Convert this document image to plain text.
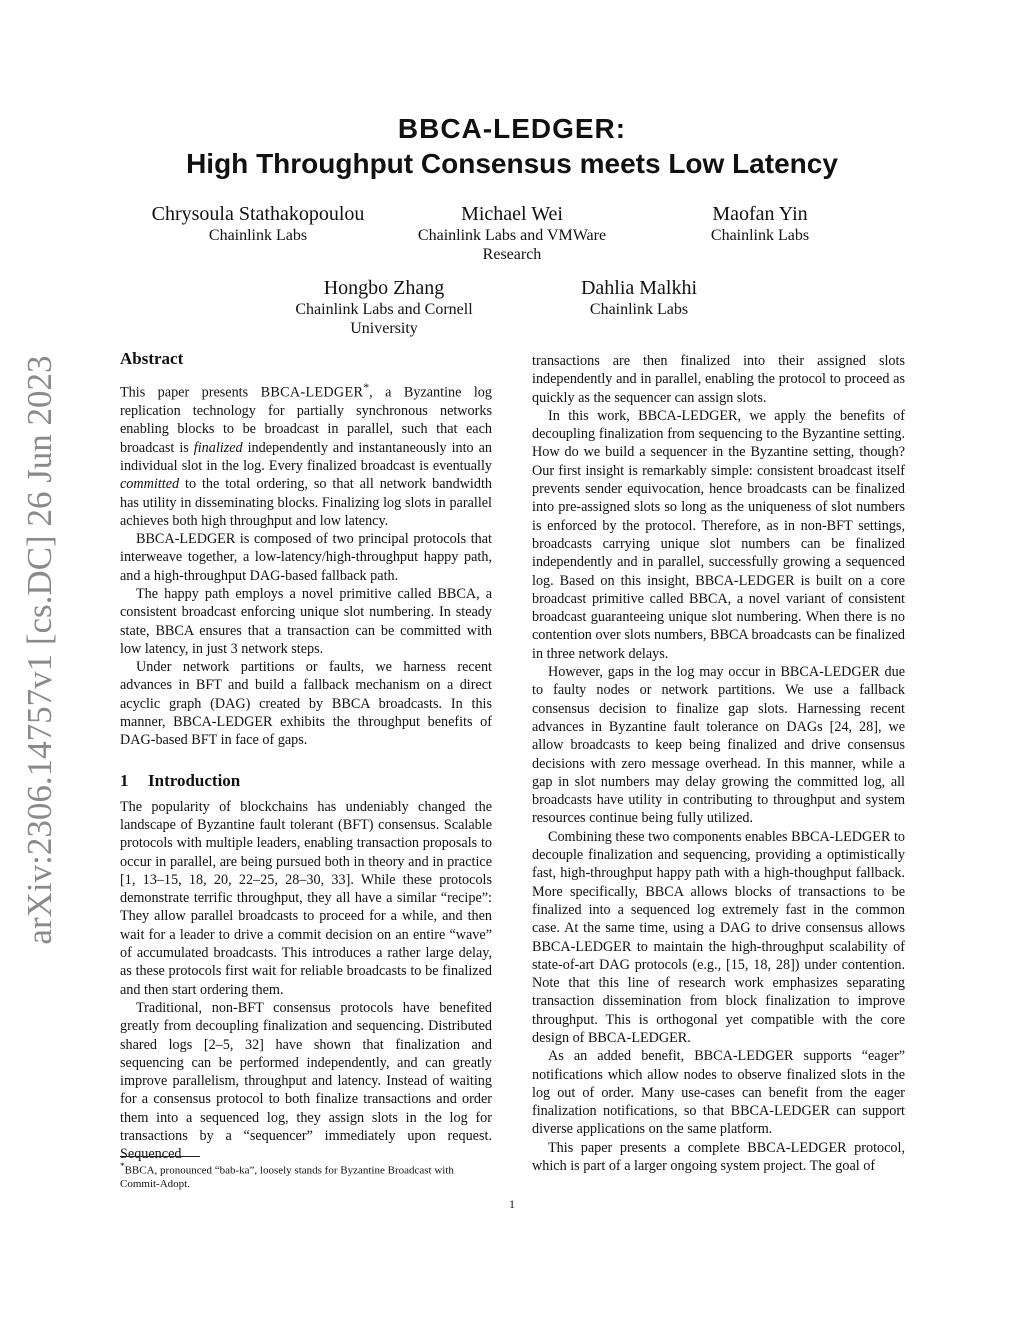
arXiv:2306.14757v1 [cs.DC] 26 Jun 2023
BBCA-LEDGER:
High Throughput Consensus meets Low Latency
Chrysoula Stathakopoulou
Chainlink Labs
Michael Wei
Chainlink Labs and VMWare
Research
Maofan Yin
Chainlink Labs
Hongbo Zhang
Chainlink Labs and Cornell
University
Dahlia Malkhi
Chainlink Labs
Abstract

This paper presents BBCA-LEDGER*, a Byzantine log replication technology for partially synchronous networks enabling blocks to be broadcast in parallel, such that each broadcast is finalized independently and instantaneously into an individual slot in the log. Every finalized broadcast is eventually committed to the total ordering, so that all network bandwidth has utility in disseminating blocks. Finalizing log slots in parallel achieves both high throughput and low latency.

BBCA-LEDGER is composed of two principal protocols that interweave together, a low-latency/high-throughput happy path, and a high-throughput DAG-based fallback path.

The happy path employs a novel primitive called BBCA, a consistent broadcast enforcing unique slot numbering. In steady state, BBCA ensures that a transaction can be committed with low latency, in just 3 network steps.

Under network partitions or faults, we harness recent advances in BFT and build a fallback mechanism on a direct acyclic graph (DAG) created by BBCA broadcasts. In this manner, BBCA-LEDGER exhibits the throughput benefits of DAG-based BFT in face of gaps.

1 Introduction

The popularity of blockchains has undeniably changed the landscape of Byzantine fault tolerant (BFT) consensus. Scalable protocols with multiple leaders, enabling transaction proposals to occur in parallel, are being pursued both in theory and in practice [1, 13–15, 18, 20, 22–25, 28–30, 33]. While these protocols demonstrate terrific throughput, they all have a similar “recipe”: They allow parallel broadcasts to proceed for a while, and then wait for a leader to drive a commit decision on an entire “wave” of accumulated broadcasts. This introduces a rather large delay, as these protocols first wait for reliable broadcasts to be finalized and then start ordering them.

Traditional, non-BFT consensus protocols have benefited greatly from decoupling finalization and sequencing. Distributed shared logs [2–5, 32] have shown that finalization and sequencing can be performed independently, and can greatly improve parallelism, throughput and latency. Instead of waiting for a consensus protocol to both finalize transactions and order them into a sequenced log, they assign slots in the log for transactions by a “sequencer” immediately upon request. Sequenced

*BBCA, pronounced “bab-ka”, loosely stands for Byzantine Broadcast with Commit-Adopt.

transactions are then finalized into their assigned slots independently and in parallel, enabling the protocol to proceed as quickly as the sequencer can assign slots.

In this work, BBCA-LEDGER, we apply the benefits of decoupling finalization from sequencing to the Byzantine setting. How do we build a sequencer in the Byzantine setting, though? Our first insight is remarkably simple: consistent broadcast itself prevents sender equivocation, hence broadcasts can be finalized into pre-assigned slots so long as the uniqueness of slot numbers is enforced by the protocol. Therefore, as in non-BFT settings, broadcasts carrying unique slot numbers can be finalized independently and in parallel, successfully growing a sequenced log. Based on this insight, BBCA-LEDGER is built on a core broadcast primitive called BBCA, a novel variant of consistent broadcast guaranteeing unique slot numbering. When there is no contention over slots numbers, BBCA broadcasts can be finalized in three network delays.

However, gaps in the log may occur in BBCA-LEDGER due to faulty nodes or network partitions. We use a fallback consensus decision to finalize gap slots. Harnessing recent advances in Byzantine fault tolerance on DAGs [24, 28], we allow broadcasts to keep being finalized and drive consensus decisions with zero message overhead. In this manner, while a gap in slot numbers may delay growing the committed log, all broadcasts have utility in contributing to throughput and system resources continue being fully utilized.

Combining these two components enables BBCA-LEDGER to decouple finalization and sequencing, providing a optimistically fast, high-throughput happy path with a high-thoughput fallback. More specifically, BBCA allows blocks of transactions to be finalized into a sequenced log extremely fast in the common case. At the same time, using a DAG to drive consensus allows BBCA-LEDGER to maintain the high-throughput scalability of state-of-art DAG protocols (e.g., [15, 18, 28]) under contention. Note that this line of research work emphasizes separating transaction dissemination from block finalization to improve throughput. This is orthogonal yet compatible with the core design of BBCA-LEDGER.

As an added benefit, BBCA-LEDGER supports “eager” notifications which allow nodes to observe finalized slots in the log out of order. Many use-cases can benefit from the eager finalization notifications, so that BBCA-LEDGER can support diverse applications on the same platform.

This paper presents a complete BBCA-LEDGER protocol, which is part of a larger ongoing system project. The goal of

1
